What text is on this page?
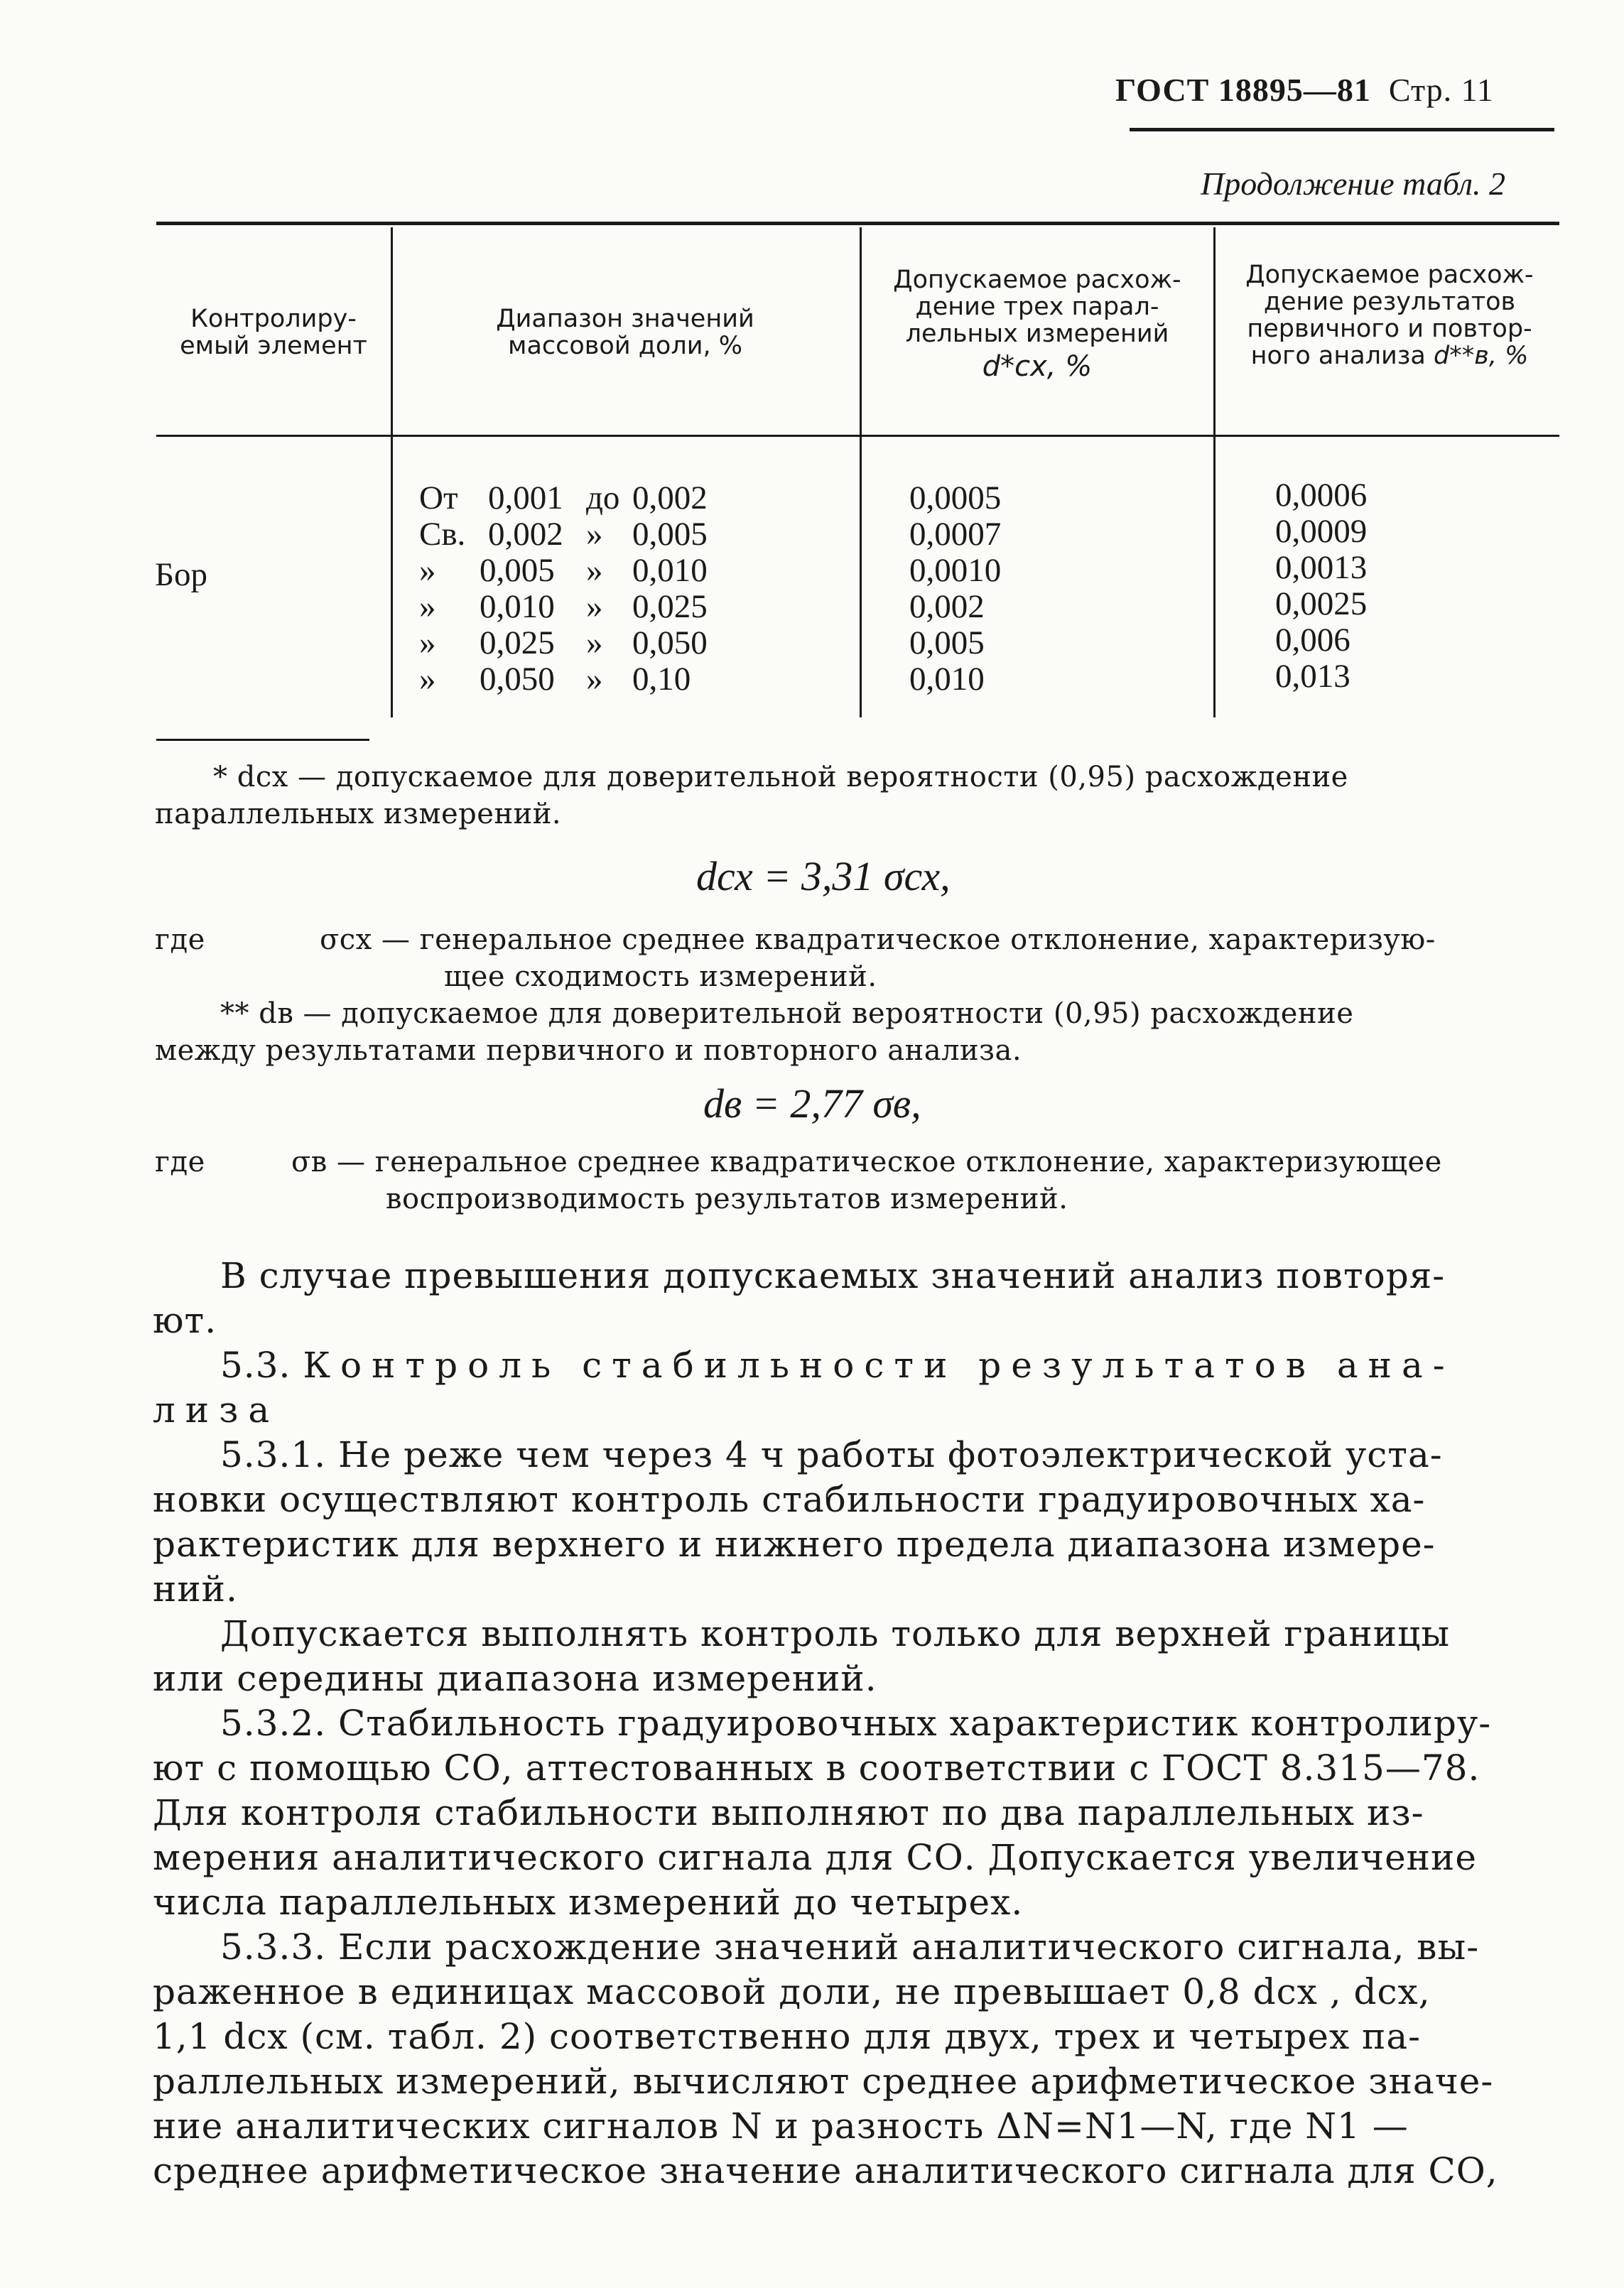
ГОСТ 18895—81 Стр. 11
Продолжение табл. 2
Контролиру-
емый элемент
Диапазон значений
массовой доли, %
Допускаемое расхож-
дение трех парал-
лельных измерений
d*сх, %
Допускаемое расхож-
дение результатов
первичного и повтор-
ного анализа d**в, %
Бор
От 0,001 до 0,002
Св. 0,002 » 0,005
» 0,005 » 0,010
» 0,010 » 0,025
» 0,025 » 0,050
» 0,050 » 0,10
0,0005
0,0007
0,0010
0,002
0,005
0,010
0,0006
0,0009
0,0013
0,0025
0,006
0,013
* dсх — допускаемое для доверительной вероятности (0,95) расхождение
параллельных измерений.
dсх = 3,31 σсх,
где	σсх — генеральное среднее квадратическое отклонение, характеризую-
щее сходимость измерений.
** dв — допускаемое для доверительной вероятности (0,95) расхождение
между результатами первичного и повторного анализа.
dв = 2,77 σв,
где	σв — генеральное среднее квадратическое отклонение, характеризующее
воспроизводимость результатов измерений.
В случае превышения допускаемых значений анализ повторя-
ют.
5.3. Контроль стабильности результатов ана-
лиза
5.3.1. Не реже чем через 4 ч работы фотоэлектрической уста-
новки осуществляют контроль стабильности градуировочных ха-
рактеристик для верхнего и нижнего предела диапазона измере-
ний.
Допускается выполнять контроль только для верхней границы
или середины диапазона измерений.
5.3.2. Стабильность градуировочных характеристик контролиру-
ют с помощью СО, аттестованных в соответствии с ГОСТ 8.315—78.
Для контроля стабильности выполняют по два параллельных из-
мерения аналитического сигнала для СО. Допускается увеличение
числа параллельных измерений до четырех.
5.3.3. Если расхождение значений аналитического сигнала, вы-
раженное в единицах массовой доли, не превышает 0,8 dсх , dсх,
1,1 dсх (см. табл. 2) соответственно для двух, трех и четырех па-
раллельных измерений, вычисляют среднее арифметическое значе-
ние аналитических сигналов N и разность ΔN=N1—N, где N1 —
среднее арифметическое значение аналитического сигнала для СО,
